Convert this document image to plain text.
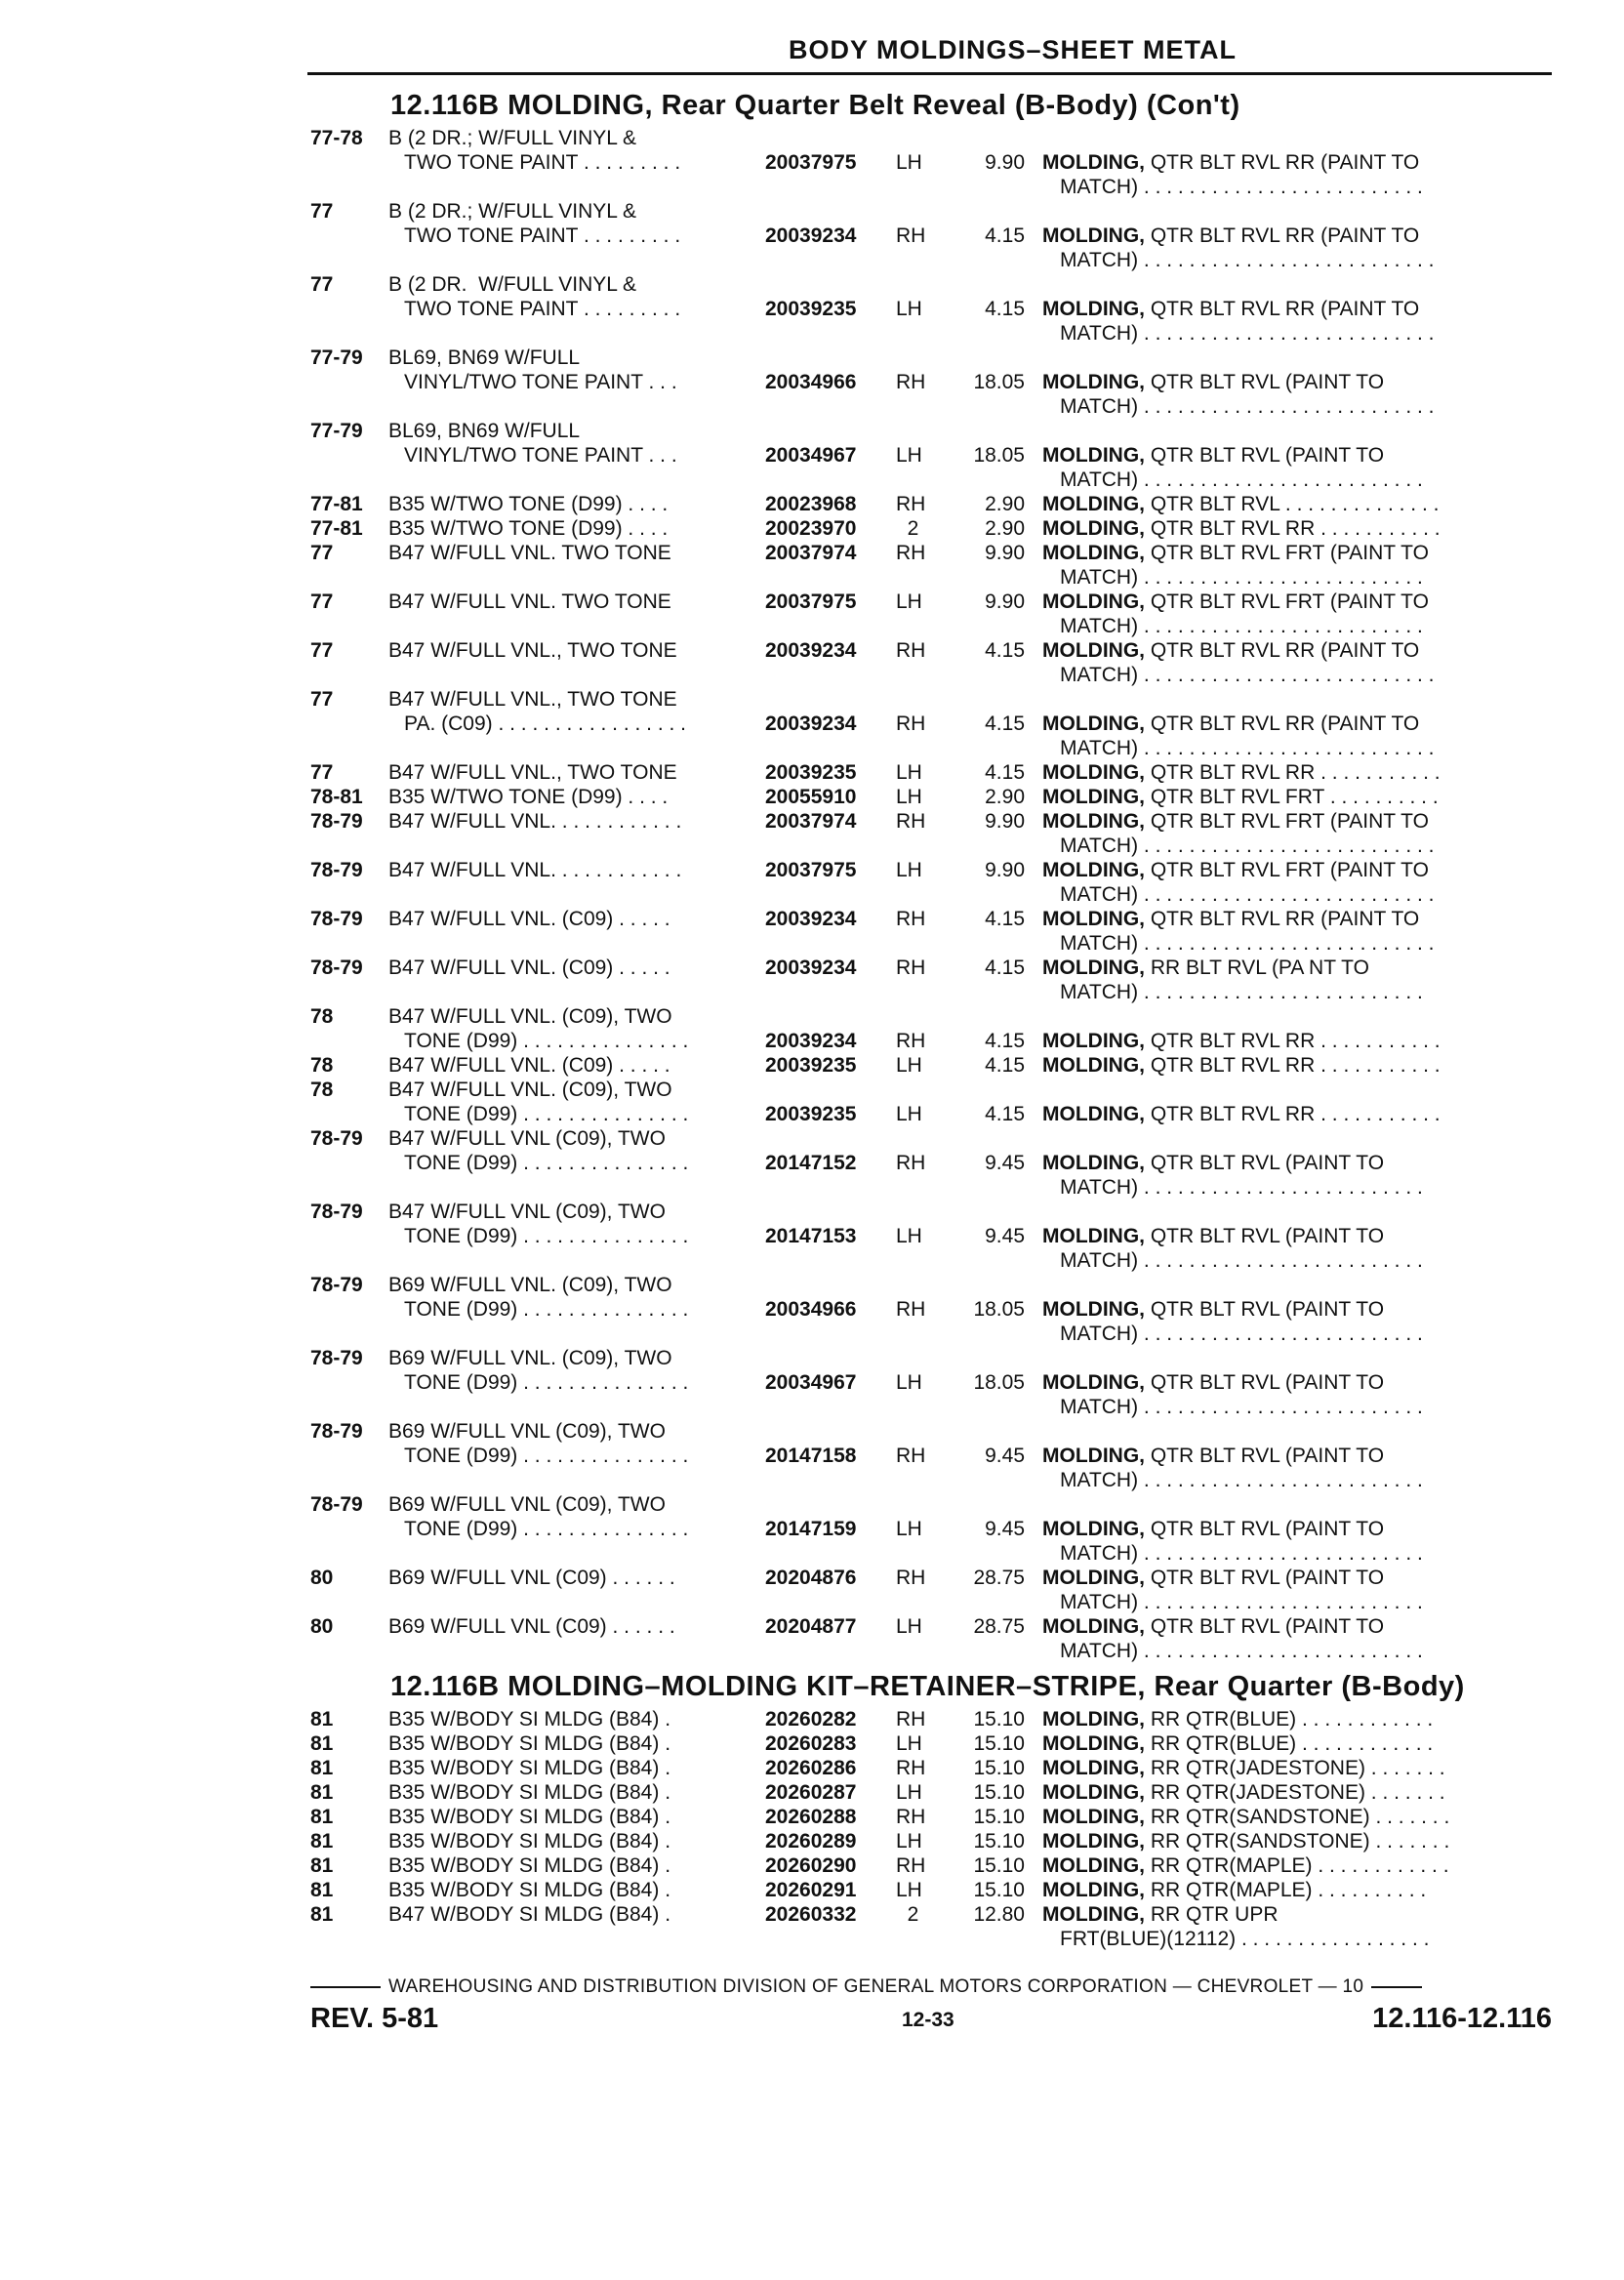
BODY MOLDINGS–SHEET METAL
12.116B MOLDING, Rear Quarter Belt Reveal (B-Body) (Con't)
77-78	B (2 DR.; W/FULL VINYL &
TWO TONE PAINT . . . . . . . . .	20037975	LH	9.90 MOLDING, QTR BLT RVL RR (PAINT TO
MATCH) . . . . . . . . . . . . . . . . . . . . . . . . .
77	B (2 DR.; W/FULL VINYL &
TWO TONE PAINT . . . . . . . . .	20039234	RH	4.15 MOLDING, QTR BLT RVL RR (PAINT TO
MATCH) . . . . . . . . . . . . . . . . . . . . . . . . . .
77	B (2 DR.  W/FULL VINYL &
TWO TONE PAINT . . . . . . . . .	20039235	LH	4.15 MOLDING, QTR BLT RVL RR (PAINT TO
MATCH) . . . . . . . . . . . . . . . . . . . . . . . . . .
77-79	BL69, BN69 W/FULL
VINYL/TWO TONE PAINT . . .	20034966	RH	18.05 MOLDING, QTR BLT RVL (PAINT TO
MATCH) . . . . . . . . . . . . . . . . . . . . . . . . . .
77-79	BL69, BN69 W/FULL
VINYL/TWO TONE PAINT . . .	20034967	LH	18.05 MOLDING, QTR BLT RVL (PAINT TO
MATCH) . . . . . . . . . . . . . . . . . . . . . . . . .
77-81	B35 W/TWO TONE (D99) . . . .	20023968	RH	2.90 MOLDING, QTR BLT RVL . . . . . . . . . . . . . .
77-81	B35 W/TWO TONE (D99) . . . .	20023970	2	2.90 MOLDING, QTR BLT RVL RR . . . . . . . . . . .
77	B47 W/FULL VNL. TWO TONE	20037974	RH	9.90 MOLDING, QTR BLT RVL FRT (PAINT TO
MATCH) . . . . . . . . . . . . . . . . . . . . . . . . .
77	B47 W/FULL VNL. TWO TONE	20037975	LH	9.90 MOLDING, QTR BLT RVL FRT (PAINT TO
MATCH) . . . . . . . . . . . . . . . . . . . . . . . . .
77	B47 W/FULL VNL., TWO TONE	20039234	RH	4.15 MOLDING, QTR BLT RVL RR (PAINT TO
MATCH) . . . . . . . . . . . . . . . . . . . . . . . . . .
77	B47 W/FULL VNL., TWO TONE
PA. (C09) . . . . . . . . . . . . . . . . .	20039234	RH	4.15 MOLDING, QTR BLT RVL RR (PAINT TO
MATCH) . . . . . . . . . . . . . . . . . . . . . . . . . .
77	B47 W/FULL VNL., TWO TONE	20039235	LH	4.15 MOLDING, QTR BLT RVL RR . . . . . . . . . . .
78-81	B35 W/TWO TONE (D99) . . . .	20055910	LH	2.90 MOLDING, QTR BLT RVL FRT . . . . . . . . . .
78-79	B47 W/FULL VNL. . . . . . . . . . . .	20037974	RH	9.90 MOLDING, QTR BLT RVL FRT (PAINT TO
MATCH) . . . . . . . . . . . . . . . . . . . . . . . . . .
78-79	B47 W/FULL VNL. . . . . . . . . . . .	20037975	LH	9.90 MOLDING, QTR BLT RVL FRT (PAINT TO
MATCH) . . . . . . . . . . . . . . . . . . . . . . . . . .
78-79	B47 W/FULL VNL. (C09) . . . . .	20039234	RH	4.15 MOLDING, QTR BLT RVL RR (PAINT TO
MATCH) . . . . . . . . . . . . . . . . . . . . . . . . . .
78-79	B47 W/FULL VNL. (C09) . . . . .	20039234	RH	4.15 MOLDING, RR BLT RVL (PA NT TO
MATCH) . . . . . . . . . . . . . . . . . . . . . . . . .
78	B47 W/FULL VNL. (C09), TWO
TONE (D99) . . . . . . . . . . . . . . .	20039234	RH	4.15 MOLDING, QTR BLT RVL RR . . . . . . . . . . .
78	B47 W/FULL VNL. (C09) . . . . .	20039235	LH	4.15 MOLDING, QTR BLT RVL RR . . . . . . . . . . .
78	B47 W/FULL VNL. (C09), TWO
TONE (D99) . . . . . . . . . . . . . . .	20039235	LH	4.15 MOLDING, QTR BLT RVL RR . . . . . . . . . . .
78-79	B47 W/FULL VNL (C09), TWO
TONE (D99) . . . . . . . . . . . . . . .	20147152	RH	9.45 MOLDING, QTR BLT RVL (PAINT TO
MATCH) . . . . . . . . . . . . . . . . . . . . . . . . .
78-79	B47 W/FULL VNL (C09), TWO
TONE (D99) . . . . . . . . . . . . . . .	20147153	LH	9.45 MOLDING, QTR BLT RVL (PAINT TO
MATCH) . . . . . . . . . . . . . . . . . . . . . . . . .
78-79	B69 W/FULL VNL. (C09), TWO
TONE (D99) . . . . . . . . . . . . . . .	20034966	RH	18.05 MOLDING, QTR BLT RVL (PAINT TO
MATCH) . . . . . . . . . . . . . . . . . . . . . . . . .
78-79	B69 W/FULL VNL. (C09), TWO
TONE (D99) . . . . . . . . . . . . . . .	20034967	LH	18.05 MOLDING, QTR BLT RVL (PAINT TO
MATCH) . . . . . . . . . . . . . . . . . . . . . . . . .
78-79	B69 W/FULL VNL (C09), TWO
TONE (D99) . . . . . . . . . . . . . . .	20147158	RH	9.45 MOLDING, QTR BLT RVL (PAINT TO
MATCH) . . . . . . . . . . . . . . . . . . . . . . . . .
78-79	B69 W/FULL VNL (C09), TWO
TONE (D99) . . . . . . . . . . . . . . .	20147159	LH	9.45 MOLDING, QTR BLT RVL (PAINT TO
MATCH) . . . . . . . . . . . . . . . . . . . . . . . . .
80	B69 W/FULL VNL (C09) . . . . . .	20204876	RH	28.75 MOLDING, QTR BLT RVL (PAINT TO
MATCH) . . . . . . . . . . . . . . . . . . . . . . . . .
80	B69 W/FULL VNL (C09) . . . . . .	20204877	LH	28.75 MOLDING, QTR BLT RVL (PAINT TO
MATCH) . . . . . . . . . . . . . . . . . . . . . . . . .
12.116B MOLDING–MOLDING KIT–RETAINER–STRIPE, Rear Quarter (B-Body)
81	B35 W/BODY SI MLDG (B84) .	20260282	RH	15.10 MOLDING, RR QTR(BLUE) . . . . . . . . . . . .
81	B35 W/BODY SI MLDG (B84) .	20260283	LH	15.10 MOLDING, RR QTR(BLUE) . . . . . . . . . . . .
81	B35 W/BODY SI MLDG (B84) .	20260286	RH	15.10 MOLDING, RR QTR(JADESTONE) . . . . . . .
81	B35 W/BODY SI MLDG (B84) .	20260287	LH	15.10 MOLDING, RR QTR(JADESTONE) . . . . . . .
81	B35 W/BODY SI MLDG (B84) .	20260288	RH	15.10 MOLDING, RR QTR(SANDSTONE) . . . . . . .
81	B35 W/BODY SI MLDG (B84) .	20260289	LH	15.10 MOLDING, RR QTR(SANDSTONE) . . . . . . .
81	B35 W/BODY SI MLDG (B84) .	20260290	RH	15.10 MOLDING, RR QTR(MAPLE) . . . . . . . . . . . .
81	B35 W/BODY SI MLDG (B84) .	20260291	LH	15.10 MOLDING, RR QTR(MAPLE) . . . . . . . . . .
81	B47 W/BODY SI MLDG (B84) .	20260332	2	12.80 MOLDING, RR QTR UPR
FRT(BLUE)(12112) . . . . . . . . . . . . . . . . .
WAREHOUSING AND DISTRIBUTION DIVISION OF GENERAL MOTORS CORPORATION — CHEVROLET — 10
REV. 5-81	12-33	12.116-12.116
